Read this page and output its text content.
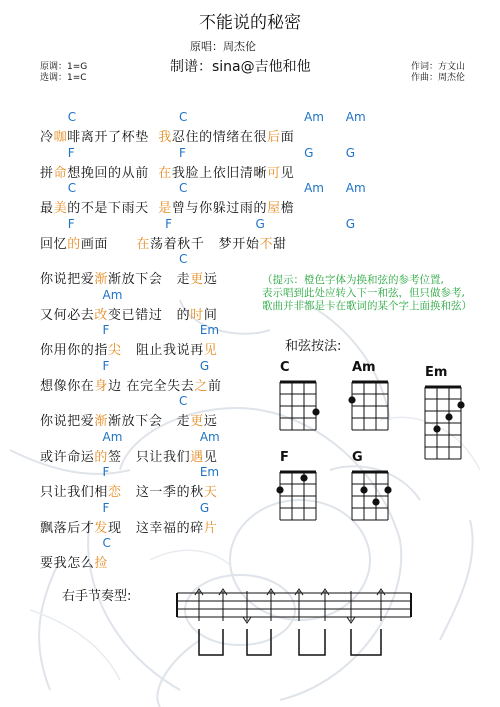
不能说的秘密
原唱：周杰伦
原调：1=G
选调：1=C
制谱：sina@吉他和他	作词：方文山
作曲：周杰伦
C	C	Am Am
冷咖啡离开了杯垫  我忍住的情绪在很后面
F	F	G	G
拼命想挽回的从前  在我脸上依旧清晰可见
C	C	Am Am
最美的不是下雨天  是曾与你躲过雨的屋檐
F	F	G	G
回忆的画面      在荡着秋千   梦开始不甜
C
你说把爱渐渐放下会   走更远
Am
又何必去改变已错过   的时间
F	Em
你用你的指尖   阻止我说再见
F	G
想像你在身边 在完全失去之前
C
你说把爱渐渐放下会   走更远
Am	Am
或许命运的签   只让我们遇见
F	Em
只让我们相恋   这一季的秋天
F	G
飘落后才发现   这幸福的碎片
C
要我怎么捡
（提示：橙色字体为换和弦的参考位置,
表示唱到此处应转入下一和弦，但只做参考,
歌曲并非都是卡在歌词的某个字上面换和弦）
和弦按法:
C	Am	Em
F	G
右手节奏型:
